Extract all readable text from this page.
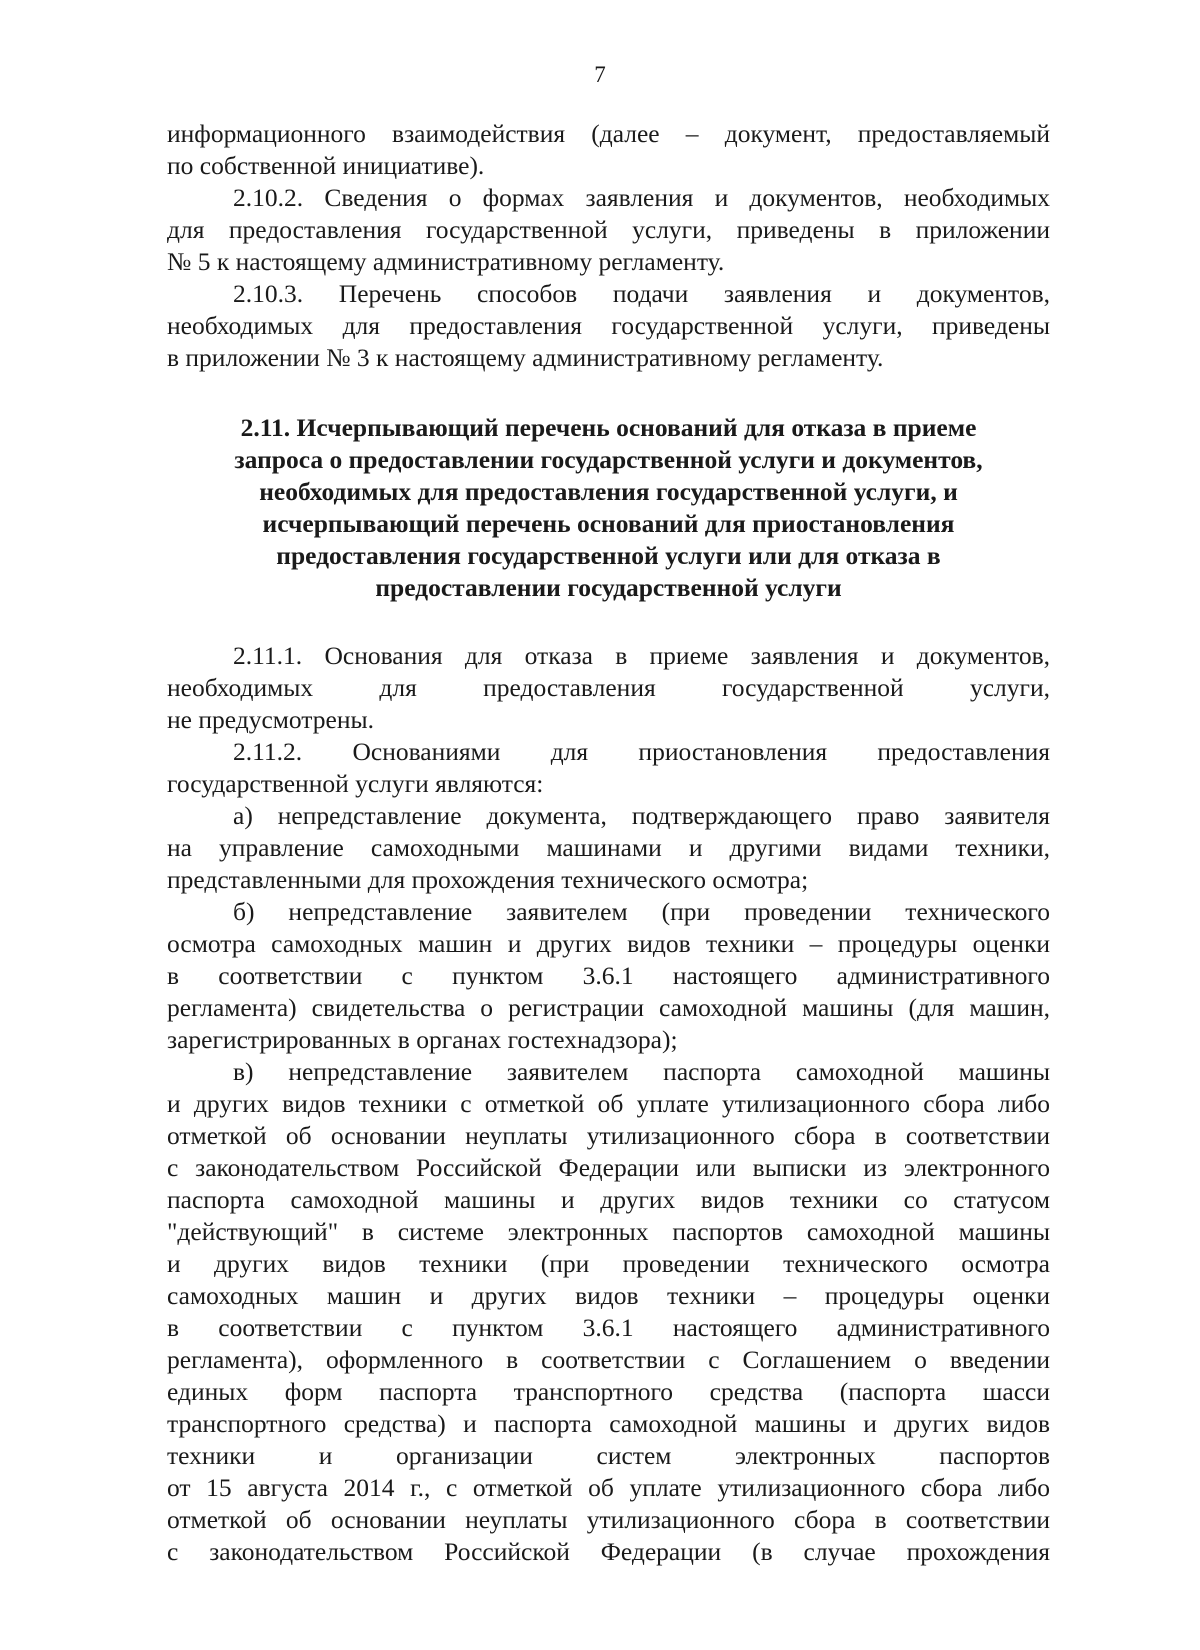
7
информационного взаимодействия (далее – документ, предоставляемый
по собственной инициативе).
2.10.2. Сведения о формах заявления и документов, необходимых
для предоставления государственной услуги, приведены в приложении
№ 5 к настоящему административному регламенту.
2.10.3. Перечень способов подачи заявления и документов,
необходимых для предоставления государственной услуги, приведены
в приложении № 3 к настоящему административному регламенту.
2.11. Исчерпывающий перечень оснований для отказа в приеме
запроса о предоставлении государственной услуги и документов,
необходимых для предоставления государственной услуги, и
исчерпывающий перечень оснований для приостановления
предоставления государственной услуги или для отказа в
предоставлении государственной услуги
2.11.1. Основания для отказа в приеме заявления и документов,
необходимых для предоставления государственной услуги,
не предусмотрены.
2.11.2. Основаниями для приостановления предоставления
государственной услуги являются:
а) непредставление документа, подтверждающего право заявителя
на управление самоходными машинами и другими видами техники,
представленными для прохождения технического осмотра;
б) непредставление заявителем (при проведении технического
осмотра самоходных машин и других видов техники – процедуры оценки
в соответствии с пунктом 3.6.1 настоящего административного
регламента) свидетельства о регистрации самоходной машины (для машин,
зарегистрированных в органах гостехнадзора);
в) непредставление заявителем паспорта самоходной машины
и других видов техники с отметкой об уплате утилизационного сбора либо
отметкой об основании неуплаты утилизационного сбора в соответствии
с законодательством Российской Федерации или выписки из электронного
паспорта самоходной машины и других видов техники со статусом
"действующий" в системе электронных паспортов самоходной машины
и других видов техники (при проведении технического осмотра
самоходных машин и других видов техники – процедуры оценки
в соответствии с пунктом 3.6.1 настоящего административного
регламента), оформленного в соответствии с Соглашением о введении
единых форм паспорта транспортного средства (паспорта шасси
транспортного средства) и паспорта самоходной машины и других видов
техники и организации систем электронных паспортов
от 15 августа 2014 г., с отметкой об уплате утилизационного сбора либо
отметкой об основании неуплаты утилизационного сбора в соответствии
с законодательством Российской Федерации (в случае прохождения
